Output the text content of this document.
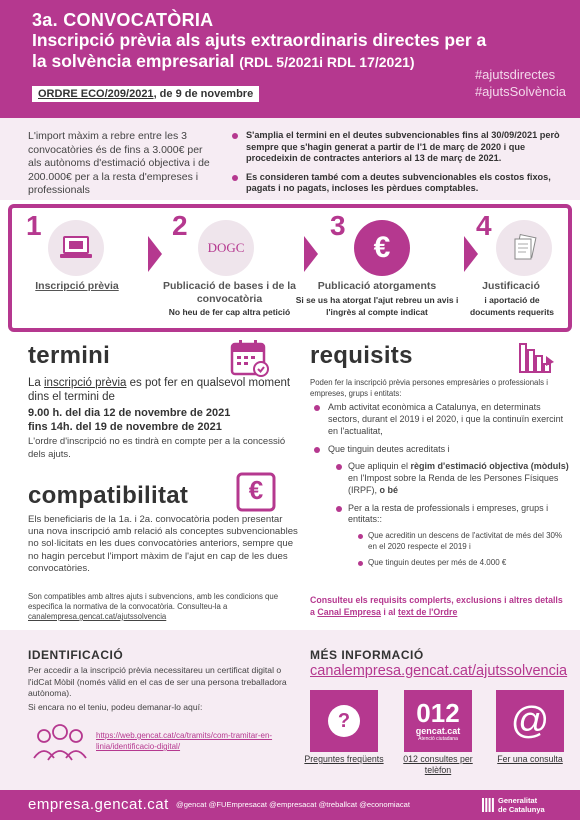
3a. CONVOCATÒRIA
Inscripció prèvia als ajuts extraordinaris directes per a la solvència empresarial (RDL 5/2021i RDL 17/2021)
#ajutsdirectes
#ajutsSolvència
ORDRE ECO/209/2021, de 9 de novembre
L'import màxim a rebre entre les 3 convocatòries és de fins a 3.000€ per als autònoms d'estimació objectiva i de 200.000€ per a la resta d'empreses i professionals
S'amplia el termini en el deutes subvencionables fins al 30/09/2021 però sempre que s'hagin generat a partir de l'1 de març de 2020 i que procedeixin de contractes anteriors al 13 de març de 2021.
Es consideren també com a deutes subvencionables els costos fixos, pagats i no pagats, incloses les pèrdues comptables.
1
Inscripció prèvia
2
DOGC
Publicació de bases i de la convocatòria
No heu de fer cap altra petició
3
€
Publicació atorgaments
Si se us ha atorgat l'ajut rebreu un avis i l'ingrès al compte indicat
4
Justificació
i aportació de documents requerits
termini
La inscripció prèvia es pot fer en qualsevol moment dins el termini de
9.00 h. del dia 12 de novembre de 2021
fins 14h. del 19 de novembre de 2021
L'ordre d'inscripció no es tindrà en compte per a la concessió dels ajuts.
compatibilitat	€
Els beneficiaris de la 1a. i 2a. convocatòria poden presentar una nova inscripció amb relació als conceptes subvencionables no sol·licitats en les dues convocatòries anteriors, sempre que no hagin percebut l'import màxim de l'ajut en cap de les dues convocatòries.
Son compatibles amb altres ajuts i subvencions, amb les condicions que especifica la normativa de la convocatòria. Consulteu-la a canalempresa.gencat.cat/ajutssolvencia
requisits
Poden fer la inscripció prèvia persones empresàries o professionals i empreses, grups i entitats:
Amb activitat econòmica a Catalunya, en determinats sectors, durant el 2019 i el 2020, i que la continuïn exercint en l'actualitat,
Que tinguin deutes acreditats i
Que apliquin el règim d'estimació objectiva (mòduls) en l'Impost sobre la Renda de les Persones Físiques (IRPF), o bé
Per a la resta de professionals i empreses, grups i entitats::
Que acreditin un descens de l'activitat de més del 30% en el 2020 respecte el 2019 i
Que tinguin deutes per més de 4.000 €
Consulteu els requisits complerts, exclusions i altres detalls a Canal Empresa i al text de l'Ordre
IDENTIFICACIÓ
Per accedir a la inscripció prèvia necessitareu un certificat digital o l'idCat Mòbil (només vàlid en el cas de ser una persona treballadora autònoma).
Si encara no el teniu, podeu demanar-lo aquí:
https://web.gencat.cat/ca/tramits/com-tramitar-en-linia/identificacio-digital/
MÉS INFORMACIÓ
canalempresa.gencat.cat/ajutssolvencia
?
Preguntes freqüents
012
gencat.cat
Atenció ciutadana
012 consultes per telèfon
@
Fer una consulta
empresa.gencat.cat @gencat @FUEmpresacat @empresacat @treballcat @economiacat	Generalitat
de Catalunya
